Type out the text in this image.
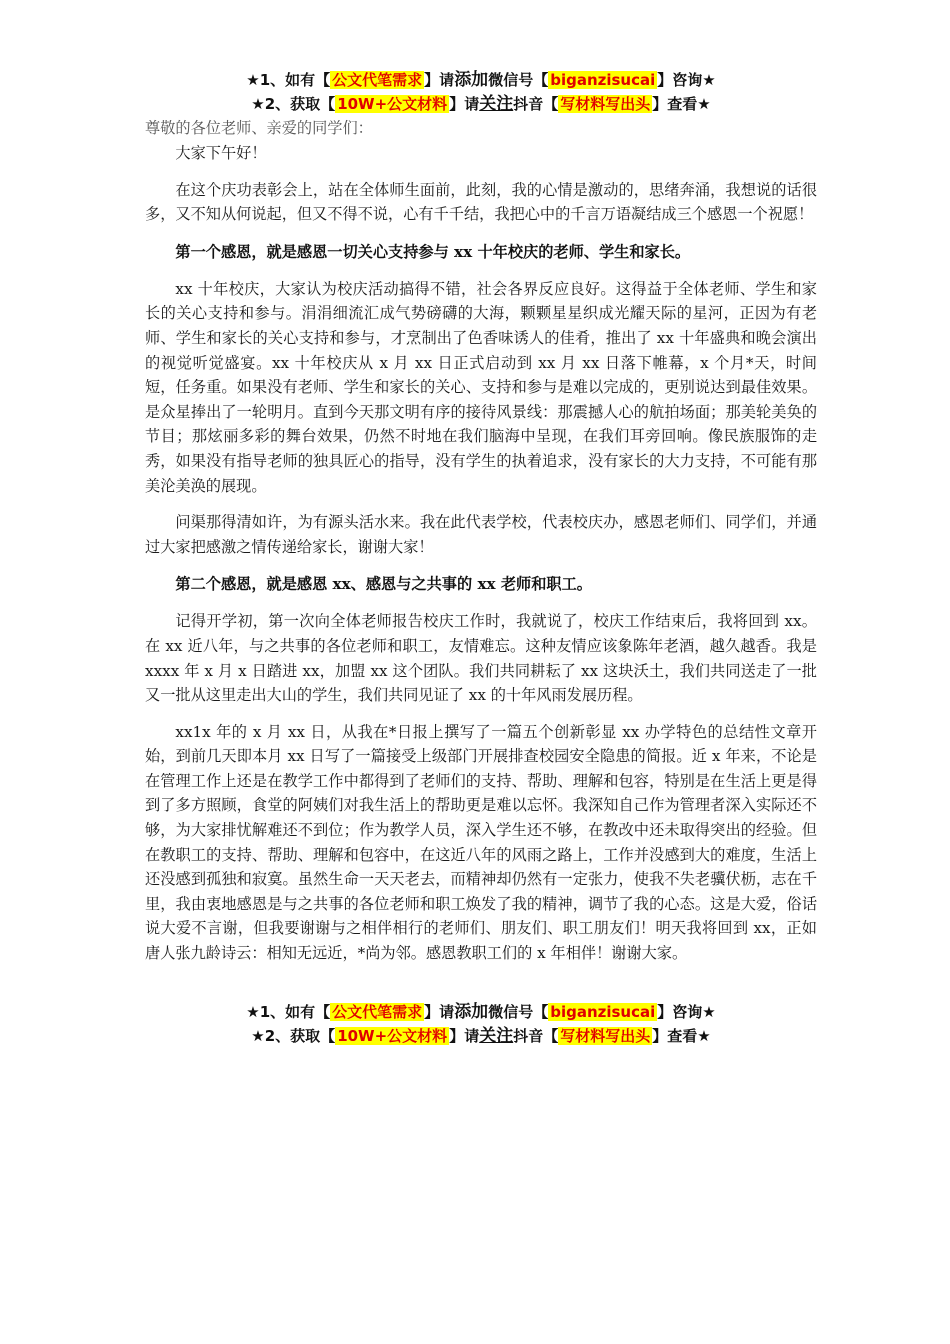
★1、如有【 公文代笔需求 】请添加微信号【 biganzisucai 】咨询★
★2、获取【 10W+公文材料 】请关注抖音【 写材料写出头 】查看★

尊敬的各位老师、亲爱的同学们：

大家下午好！

在这个庆功表彰会上，站在全体师生面前，此刻，我的心情是激动的，思绪奔涌，我想说的话很多，又不知从何说起，但又不得不说，心有千千结，我把心中的千言万语凝结成三个感恩一个祝愿！

第一个感恩，就是感恩一切关心支持参与 xx 十年校庆的老师、学生和家长。

xx 十年校庆，大家认为校庆活动搞得不错，社会各界反应良好。这得益于全体老师、学生和家长的关心支持和参与。涓涓细流汇成气势磅礴的大海，颗颗星星织成光耀天际的星河，正因为有老师、学生和家长的关心支持和参与，才烹制出了色香味诱人的佳肴，推出了 xx 十年盛典和晚会演出的视觉听觉盛宴。xx 十年校庆从 x 月 xx 日正式启动到 xx 月 xx 日落下帷幕，x 个月*天，时间短，任务重。如果没有老师、学生和家长的关心、支持和参与是难以完成的，更别说达到最佳效果。是众星捧出了一轮明月。直到今天那文明有序的接待风景线：那震撼人心的航拍场面；那美轮美奂的节目；那炫丽多彩的舞台效果，仍然不时地在我们脑海中呈现，在我们耳旁回响。像民族服饰的走秀，如果没有指导老师的独具匠心的指导，没有学生的执着追求，没有家长的大力支持，不可能有那美沦美涣的展现。

问渠那得清如许，为有源头活水来。我在此代表学校，代表校庆办，感恩老师们、同学们，并通过大家把感激之情传递给家长，谢谢大家！

第二个感恩，就是感恩 xx、感恩与之共事的 xx 老师和职工。

记得开学初，第一次向全体老师报告校庆工作时，我就说了，校庆工作结束后，我将回到 xx。在 xx 近八年，与之共事的各位老师和职工，友情难忘。这种友情应该象陈年老酒，越久越香。我是 xxxx 年 x 月 x 日踏进 xx，加盟 xx 这个团队。我们共同耕耘了 xx 这块沃土，我们共同送走了一批又一批从这里走出大山的学生，我们共同见证了 xx 的十年风雨发展历程。

xx1x 年的 x 月 xx 日，从我在*日报上撰写了一篇五个创新彰显 xx 办学特色的总结性文章开始，到前几天即本月 xx 日写了一篇接受上级部门开展排查校园安全隐患的简报。近 x 年来，不论是在管理工作上还是在教学工作中都得到了老师们的支持、帮助、理解和包容，特别是在生活上更是得到了多方照顾，食堂的阿姨们对我生活上的帮助更是难以忘怀。我深知自己作为管理者深入实际还不够，为大家排忧解难还不到位；作为教学人员，深入学生还不够，在教改中还未取得突出的经验。但在教职工的支持、帮助、理解和包容中，在这近八年的风雨之路上，工作并没感到大的难度，生活上还没感到孤独和寂寞。虽然生命一天天老去，而精神却仍然有一定张力，使我不失老骥伏枥，志在千里，我由衷地感恩是与之共事的各位老师和职工焕发了我的精神，调节了我的心态。这是大爱，俗话说大爱不言谢，但我要谢谢与之相伴相行的老师们、朋友们、职工朋友们！明天我将回到 xx，正如唐人张九龄诗云：相知无远近，*尚为邻。感恩教职工们的 x 年相伴！谢谢大家。

★1、如有【 公文代笔需求 】请添加微信号【 biganzisucai 】咨询★
★2、获取【 10W+公文材料 】请关注抖音【 写材料写出头 】查看★
